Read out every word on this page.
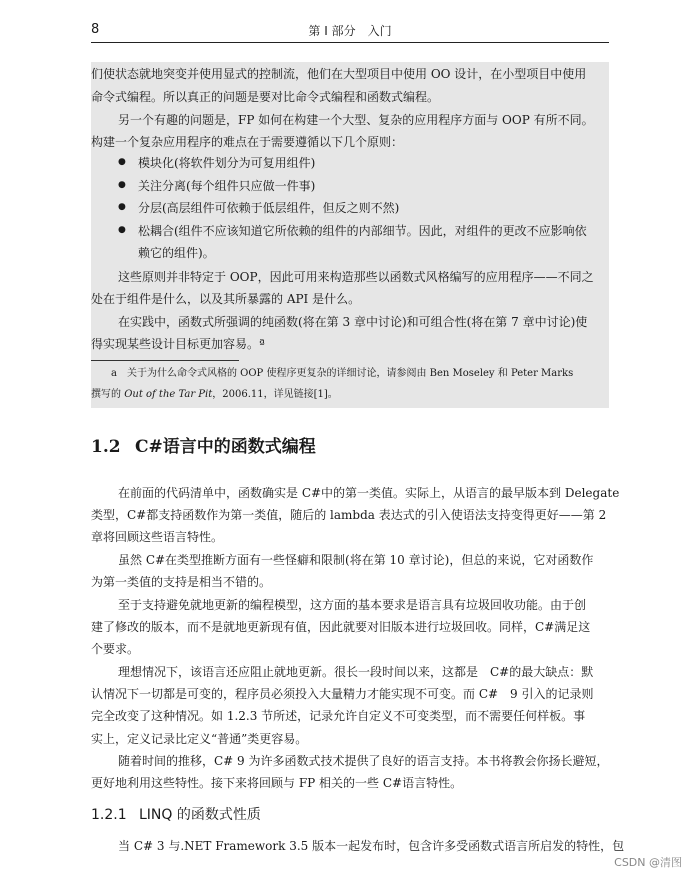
8	第 I 部分　入门
们使状态就地突变并使用显式的控制流，他们在大型项目中使用 OO 设计，在小型项目中使用
命令式编程。所以真正的问题是要对比命令式编程和函数式编程。
另一个有趣的问题是，FP 如何在构建一个大型、复杂的应用程序方面与 OOP 有所不同。
构建一个复杂应用程序的难点在于需要遵循以下几个原则：
● 模块化(将软件划分为可复用组件)
● 关注分离(每个组件只应做一件事)
● 分层(高层组件可依赖于低层组件，但反之则不然)
● 松耦合(组件不应该知道它所依赖的组件的内部细节。因此，对组件的更改不应影响依
赖它的组件)。
这些原则并非特定于 OOP，因此可用来构造那些以函数式风格编写的应用程序——不同之
处在于组件是什么，以及其所暴露的 API 是什么。
在实践中，函数式所强调的纯函数(将在第 3 章中讨论)和可组合性(将在第 7 章中讨论)使
得实现某些设计目标更加容易。ª
a　关于为什么命令式风格的 OOP 使程序更复杂的详细讨论，请参阅由 Ben Moseley 和 Peter Marks
撰写的 Out of the Tar Pit，2006.11，详见链接[1]。
1.2 C#语言中的函数式编程
在前面的代码清单中，函数确实是 C#中的第一类值。实际上，从语言的最早版本到 Delegate
类型，C#都支持函数作为第一类值，随后的 lambda 表达式的引入使语法支持变得更好——第 2
章将回顾这些语言特性。
虽然 C#在类型推断方面有一些怪癖和限制(将在第 10 章讨论)，但总的来说，它对函数作
为第一类值的支持是相当不错的。
至于支持避免就地更新的编程模型，这方面的基本要求是语言具有垃圾回收功能。由于创
建了修改的版本，而不是就地更新现有值，因此就要对旧版本进行垃圾回收。同样，C#满足这
个要求。
理想情况下，该语言还应阻止就地更新。很长一段时间以来，这都是　C#的最大缺点：默
认情况下一切都是可变的，程序员必须投入大量精力才能实现不可变。而 C#　9 引入的记录则
完全改变了这种情况。如 1.2.3 节所述，记录允许自定义不可变类型，而不需要任何样板。事
实上，定义记录比定义“普通”类更容易。
随着时间的推移，C# 9 为许多函数式技术提供了良好的语言支持。本书将教会你扬长避短，
更好地利用这些特性。接下来将回顾与 FP 相关的一些 C#语言特性。
1.2.1 LINQ 的函数式性质
当 C# 3 与.NET Framework 3.5 版本一起发布时，包含许多受函数式语言所启发的特性，包
CSDN @清图
